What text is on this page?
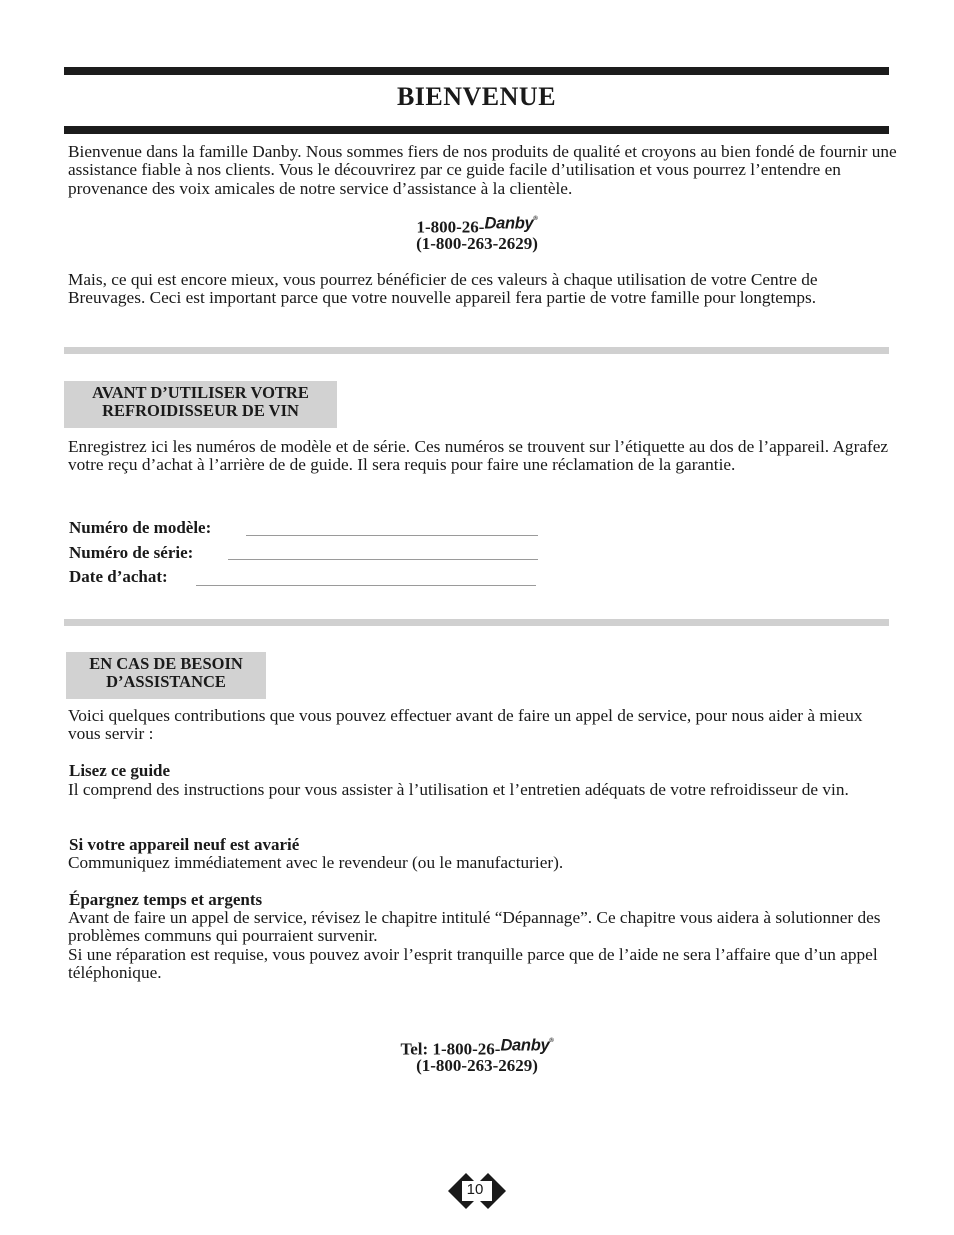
BIENVENUE

Bienvenue dans la famille Danby. Nous sommes fiers de nos produits de qualité et croyons au bien fondé de fournir une assistance fiable à nos clients. Vous le découvrirez par ce guide facile d’utilisation et vous pourrez l’entendre en provenance des voix amicales de notre service d’assistance à la clientèle.

1-800-26-Danby®
(1-800-263-2629)

Mais, ce qui est encore mieux, vous pourrez bénéficier de ces valeurs à chaque utilisation de votre Centre de Breuvages. Ceci est important parce que votre nouvelle appareil fera partie de votre famille pour longtemps.

AVANT D’UTILISER VOTRE
REFROIDISSEUR DE VIN

Enregistrez ici les numéros de modèle et de série. Ces numéros se trouvent sur l’étiquette au dos de l’appareil. Agrafez votre reçu d’achat à l’arrière de de guide. Il sera requis pour faire une réclamation de la garantie.

Numéro de modèle:
Numéro de série:
Date d’achat:
EN CAS DE BESOIN
D’ASSISTANCE

Voici quelques contributions que vous pouvez effectuer avant de faire un appel de service, pour nous aider à mieux vous servir :

Lisez ce guide

Il comprend des instructions pour vous assister à l’utilisation et l’entretien adéquats de votre refroidisseur de vin.

Si votre appareil neuf est avarié

Communiquez immédiatement avec le revendeur (ou le manufacturier).

Épargnez temps et argents

Avant de faire un appel de service, révisez le chapitre intitulé “Dépannage”. Ce chapitre vous aidera à solutionner des problèmes communs qui pourraient survenir.

Si une réparation est requise, vous pouvez avoir l’esprit tranquille parce que de l’aide ne sera l’affaire que d’un appel téléphonique.

Tel: 1-800-26-Danby®
(1-800-263-2629)
10
